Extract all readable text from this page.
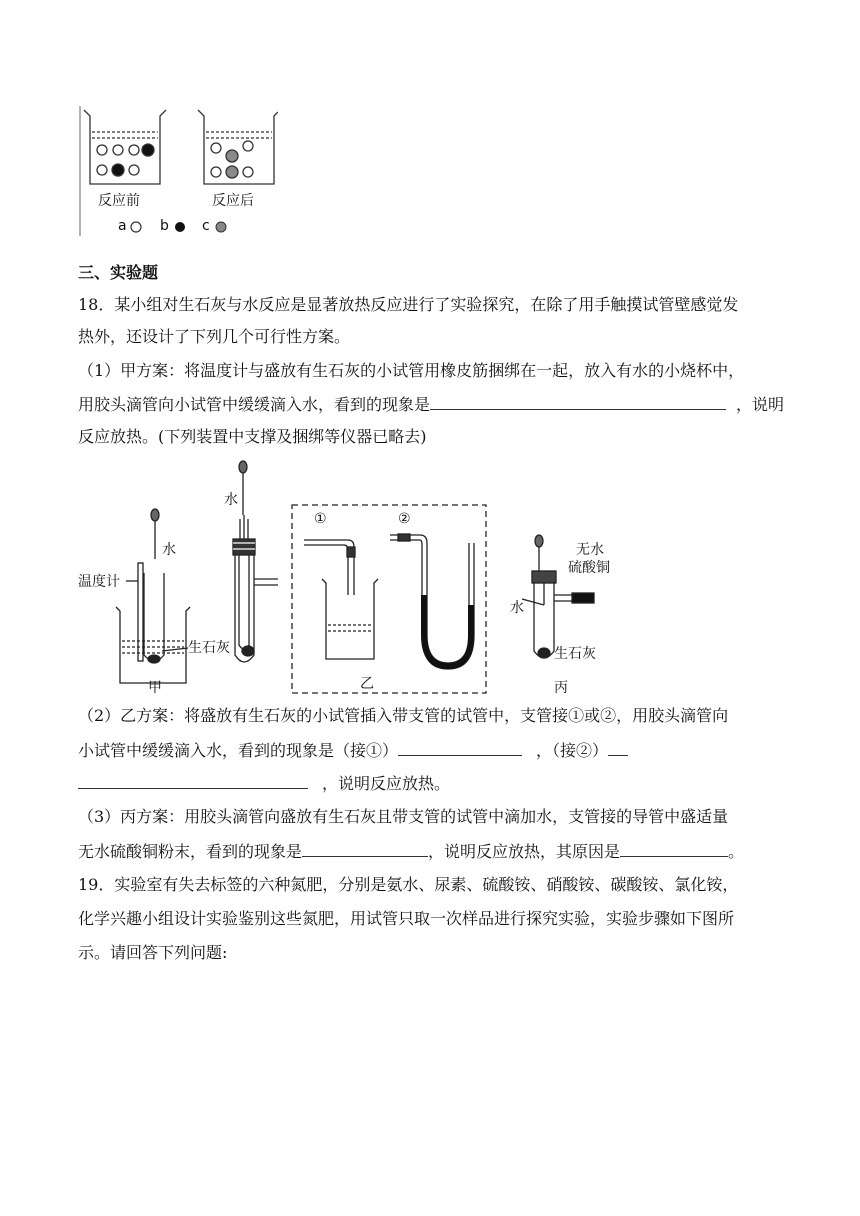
反应前	反应后
a b c
三、实验题
18．某小组对生石灰与水反应是显著放热反应进行了实验探究，在除了用手触摸试管壁感觉发
热外，还设计了下列几个可行性方案。
（1）甲方案：将温度计与盛放有生石灰的小试管用橡皮筋捆绑在一起，放入有水的小烧杯中，
用胶头滴管向小试管中缓缓滴入水，看到的现象是	，说明
反应放热。(下列装置中支撑及捆绑等仪器已略去)
水
温度计
生石灰
甲
水
①	②
乙
无水
硫酸铜
水
生石灰
丙
（2）乙方案：将盛放有生石灰的小试管插入带支管的试管中，支管接①或②，用胶头滴管向
小试管中缓缓滴入水，看到的现象是（接①）	，（接②）
，说明反应放热。
（3）丙方案：用胶头滴管向盛放有生石灰且带支管的试管中滴加水，支管接的导管中盛适量
无水硫酸铜粉末，看到的现象是	，说明反应放热，其原因是	。
19．实验室有失去标签的六种氮肥，分别是氨水、尿素、硫酸铵、硝酸铵、碳酸铵、氯化铵，
化学兴趣小组设计实验鉴别这些氮肥，用试管只取一次样品进行探究实验，实验步骤如下图所
示。请回答下列问题:
